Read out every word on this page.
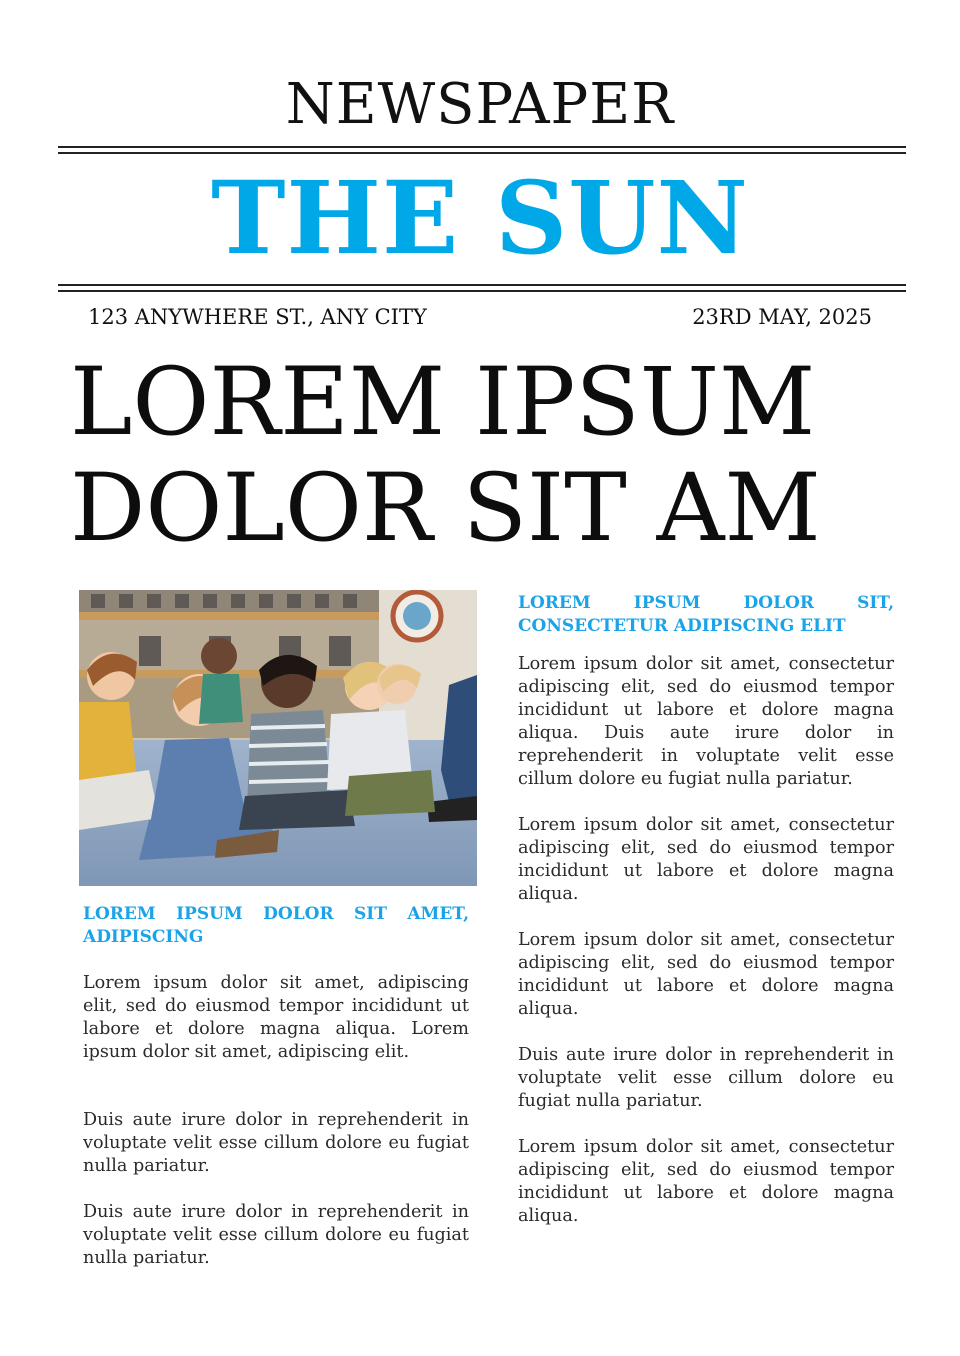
NEWSPAPER
THE SUN
123 ANYWHERE ST., ANY CITY	23RD MAY, 2025
LOREM IPSUM
DOLOR SIT AM

LOREM IPSUM DOLOR SIT AMET, ADIPISCING

Lorem ipsum dolor sit amet, adipiscing elit, sed do eiusmod tempor incididunt ut labore et dolore magna aliqua. Lorem ipsum dolor sit amet, adipiscing elit.

Duis aute irure dolor in reprehenderit in voluptate velit esse cillum dolore eu fugiat nulla pariatur.

Duis aute irure dolor in reprehenderit in voluptate velit esse cillum dolore eu fugiat nulla pariatur.

LOREM IPSUM DOLOR SIT, CONSECTETUR ADIPISCING ELIT

Lorem ipsum dolor sit amet, consectetur adipiscing elit, sed do eiusmod tempor incididunt ut labore et dolore magna aliqua. Duis aute irure dolor in reprehenderit in voluptate velit esse cillum dolore eu fugiat nulla pariatur.

Lorem ipsum dolor sit amet, consectetur adipiscing elit, sed do eiusmod tempor incididunt ut labore et dolore magna aliqua.

Lorem ipsum dolor sit amet, consectetur adipiscing elit, sed do eiusmod tempor incididunt ut labore et dolore magna aliqua.

Duis aute irure dolor in reprehenderit in voluptate velit esse cillum dolore eu fugiat nulla pariatur.

Lorem ipsum dolor sit amet, consectetur adipiscing elit, sed do eiusmod tempor incididunt ut labore et dolore magna aliqua.
